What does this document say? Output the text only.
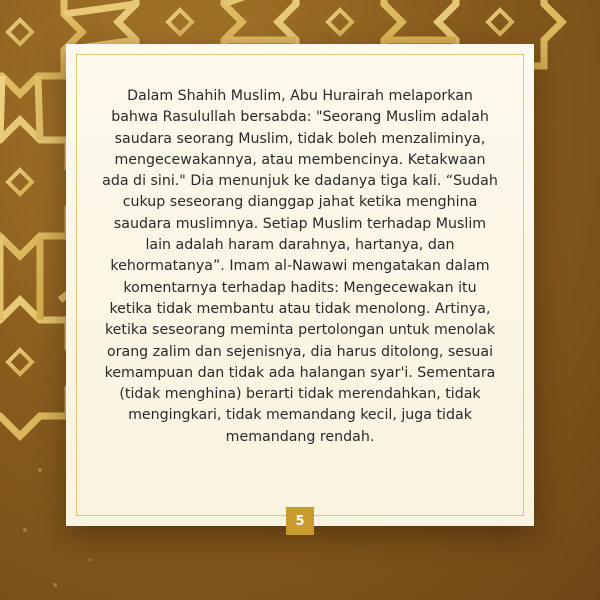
Dalam Shahih Muslim, Abu Hurairah melaporkan
bahwa Rasulullah bersabda: "Seorang Muslim adalah
saudara seorang Muslim, tidak boleh menzaliminya,
mengecewakannya, atau membencinya. Ketakwaan
ada di sini." Dia menunjuk ke dadanya tiga kali. “Sudah
cukup seseorang dianggap jahat ketika menghina
saudara muslimnya. Setiap Muslim terhadap Muslim
lain adalah haram darahnya, hartanya, dan
kehormatanya”. Imam al-Nawawi mengatakan dalam
komentarnya terhadap hadits: Mengecewakan itu
ketika tidak membantu atau tidak menolong. Artinya,
ketika seseorang meminta pertolongan untuk menolak
orang zalim dan sejenisnya, dia harus ditolong, sesuai
kemampuan dan tidak ada halangan syar'i. Sementara
(tidak menghina) berarti tidak merendahkan, tidak
mengingkari, tidak memandang kecil, juga tidak
memandang rendah.

5
